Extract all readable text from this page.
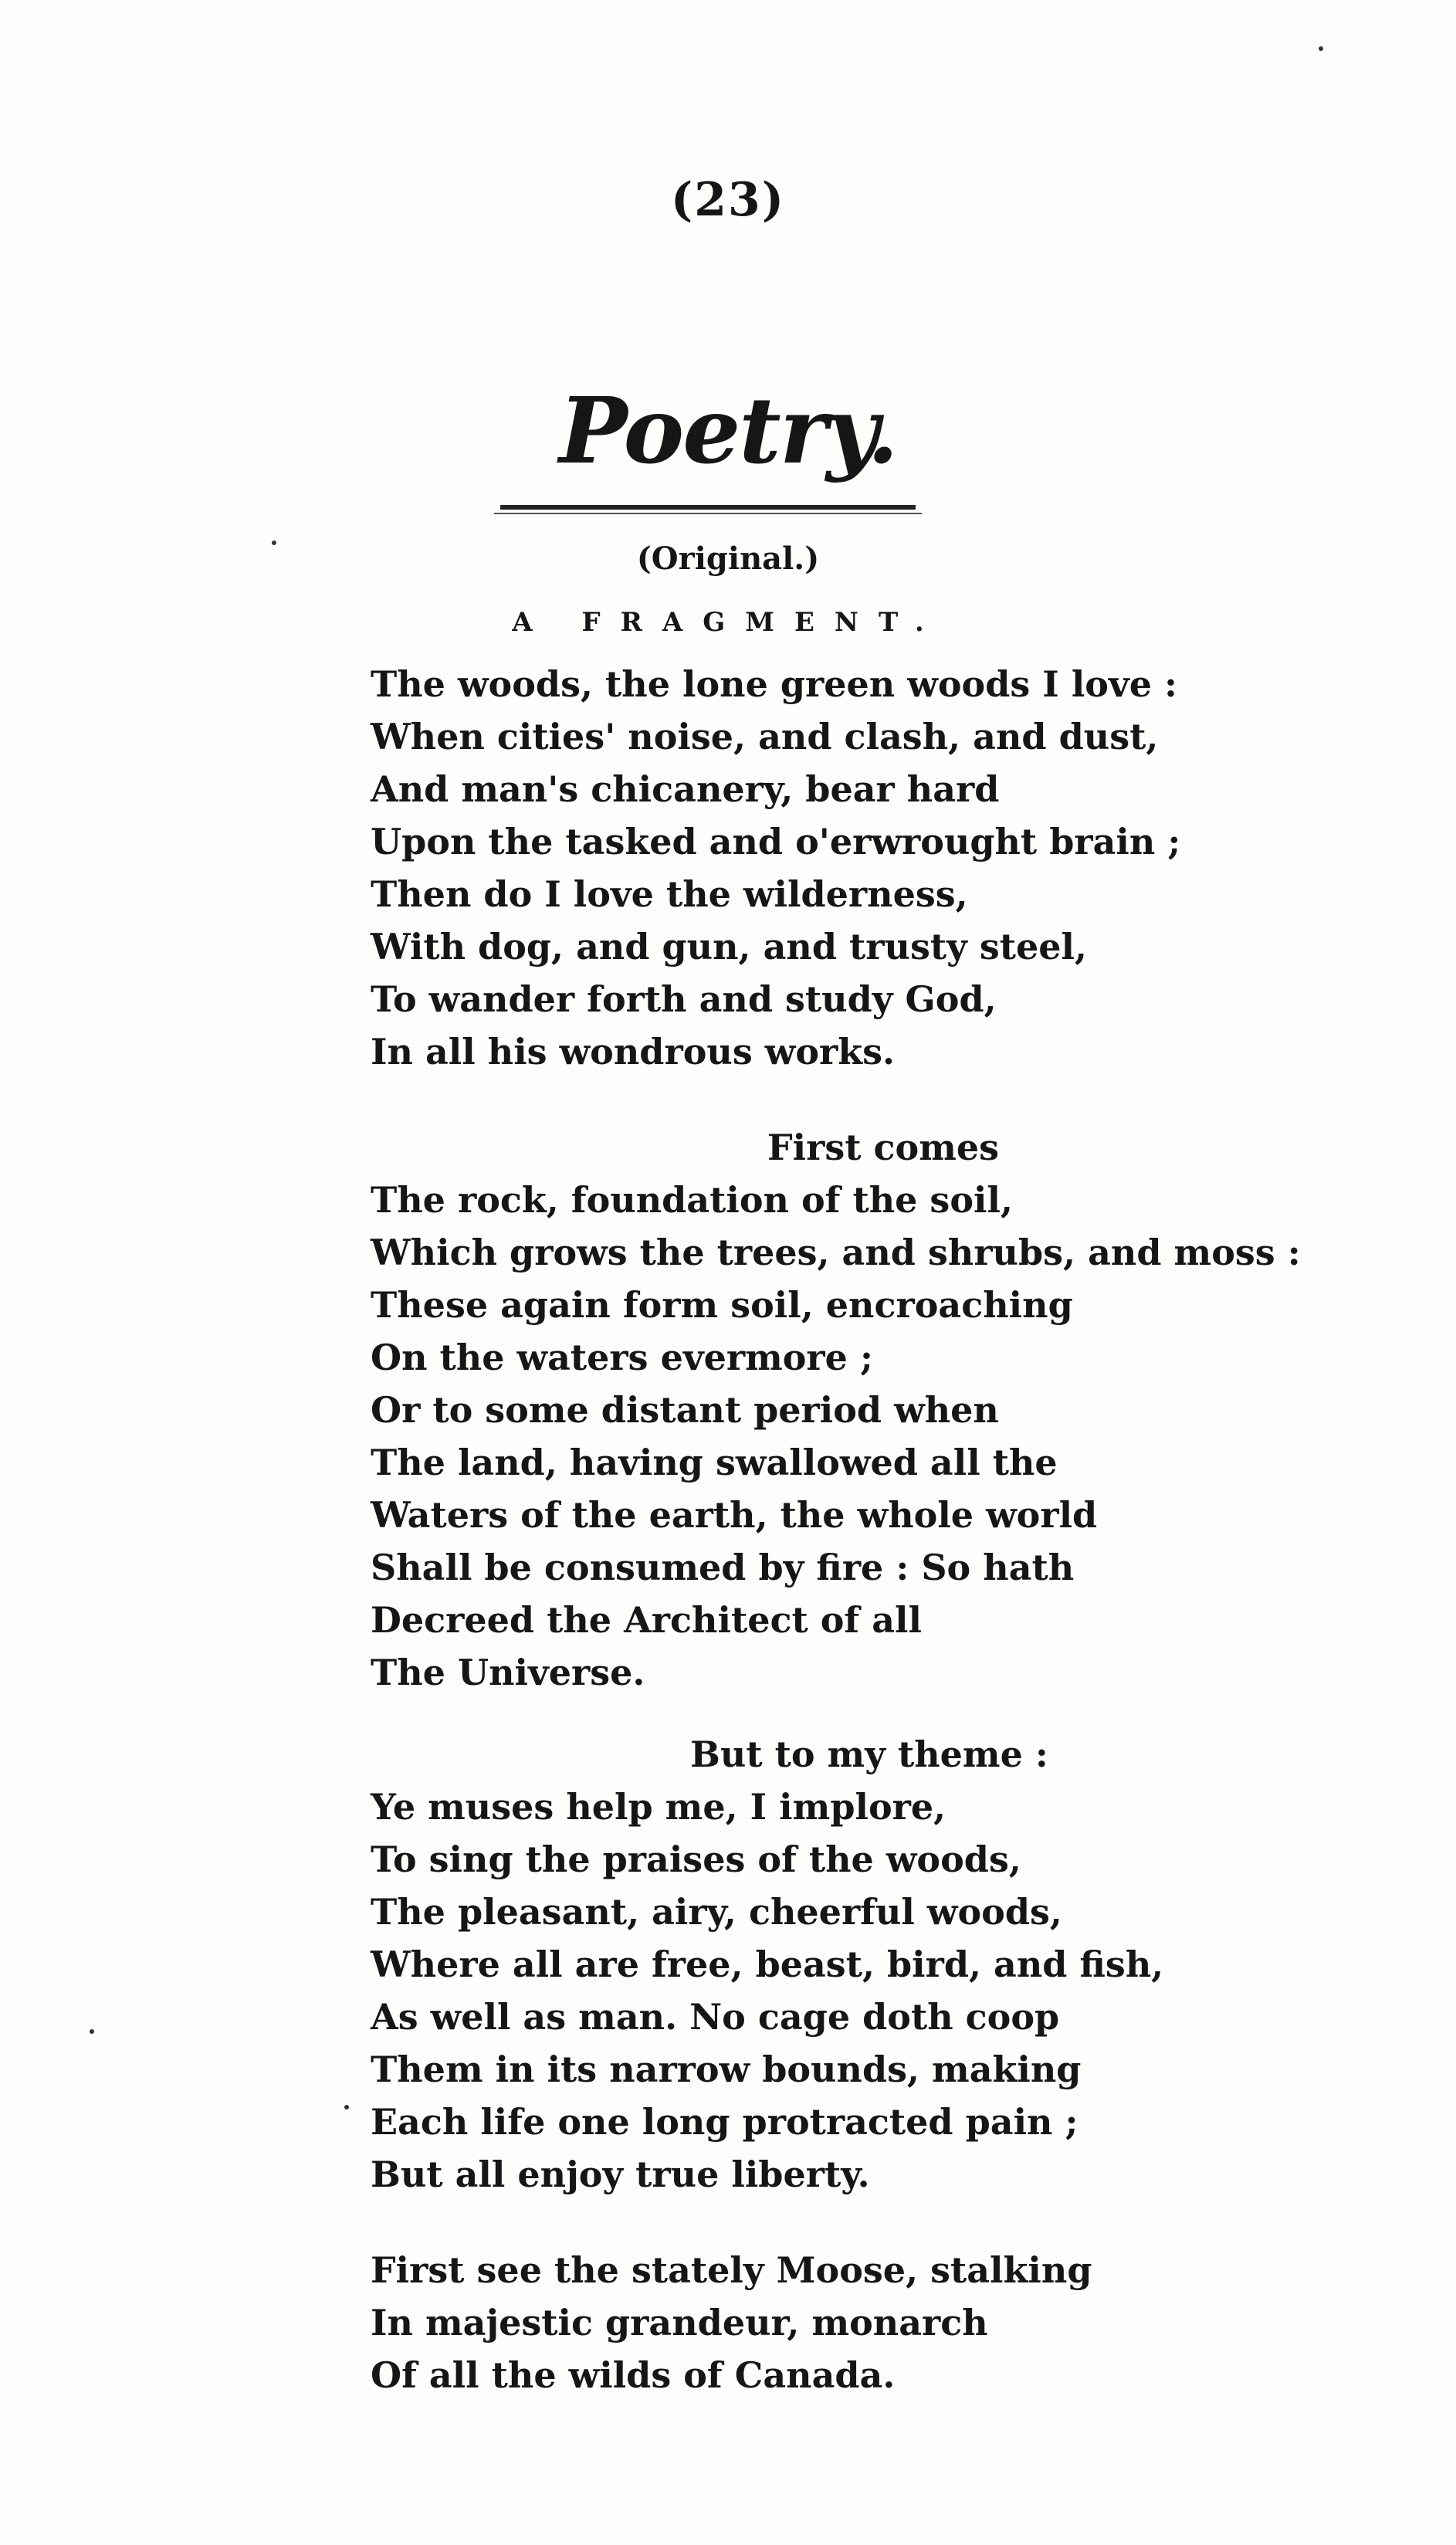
(23)
Poetry.
(Original.)
A FRAGMENT.
The woods, the lone green woods I love :
When cities' noise, and clash, and dust,
And man's chicanery, bear hard
Upon the tasked and o'erwrought brain ;
Then do I love the wilderness,
With dog, and gun, and trusty steel,
To wander forth and study God,
In all his wondrous works.
First comes
The rock, foundation of the soil,
Which grows the trees, and shrubs, and moss :
These again form soil, encroaching
On the waters evermore ;
Or to some distant period when
The land, having swallowed all the
Waters of the earth, the whole world
Shall be consumed by fire : So hath
Decreed the Architect of all
The Universe.
But to my theme :
Ye muses help me, I implore,
To sing the praises of the woods,
The pleasant, airy, cheerful woods,
Where all are free, beast, bird, and fish,
As well as man. No cage doth coop
Them in its narrow bounds, making
Each life one long protracted pain ;
But all enjoy true liberty.
First see the stately Moose, stalking
In majestic grandeur, monarch
Of all the wilds of Canada.
